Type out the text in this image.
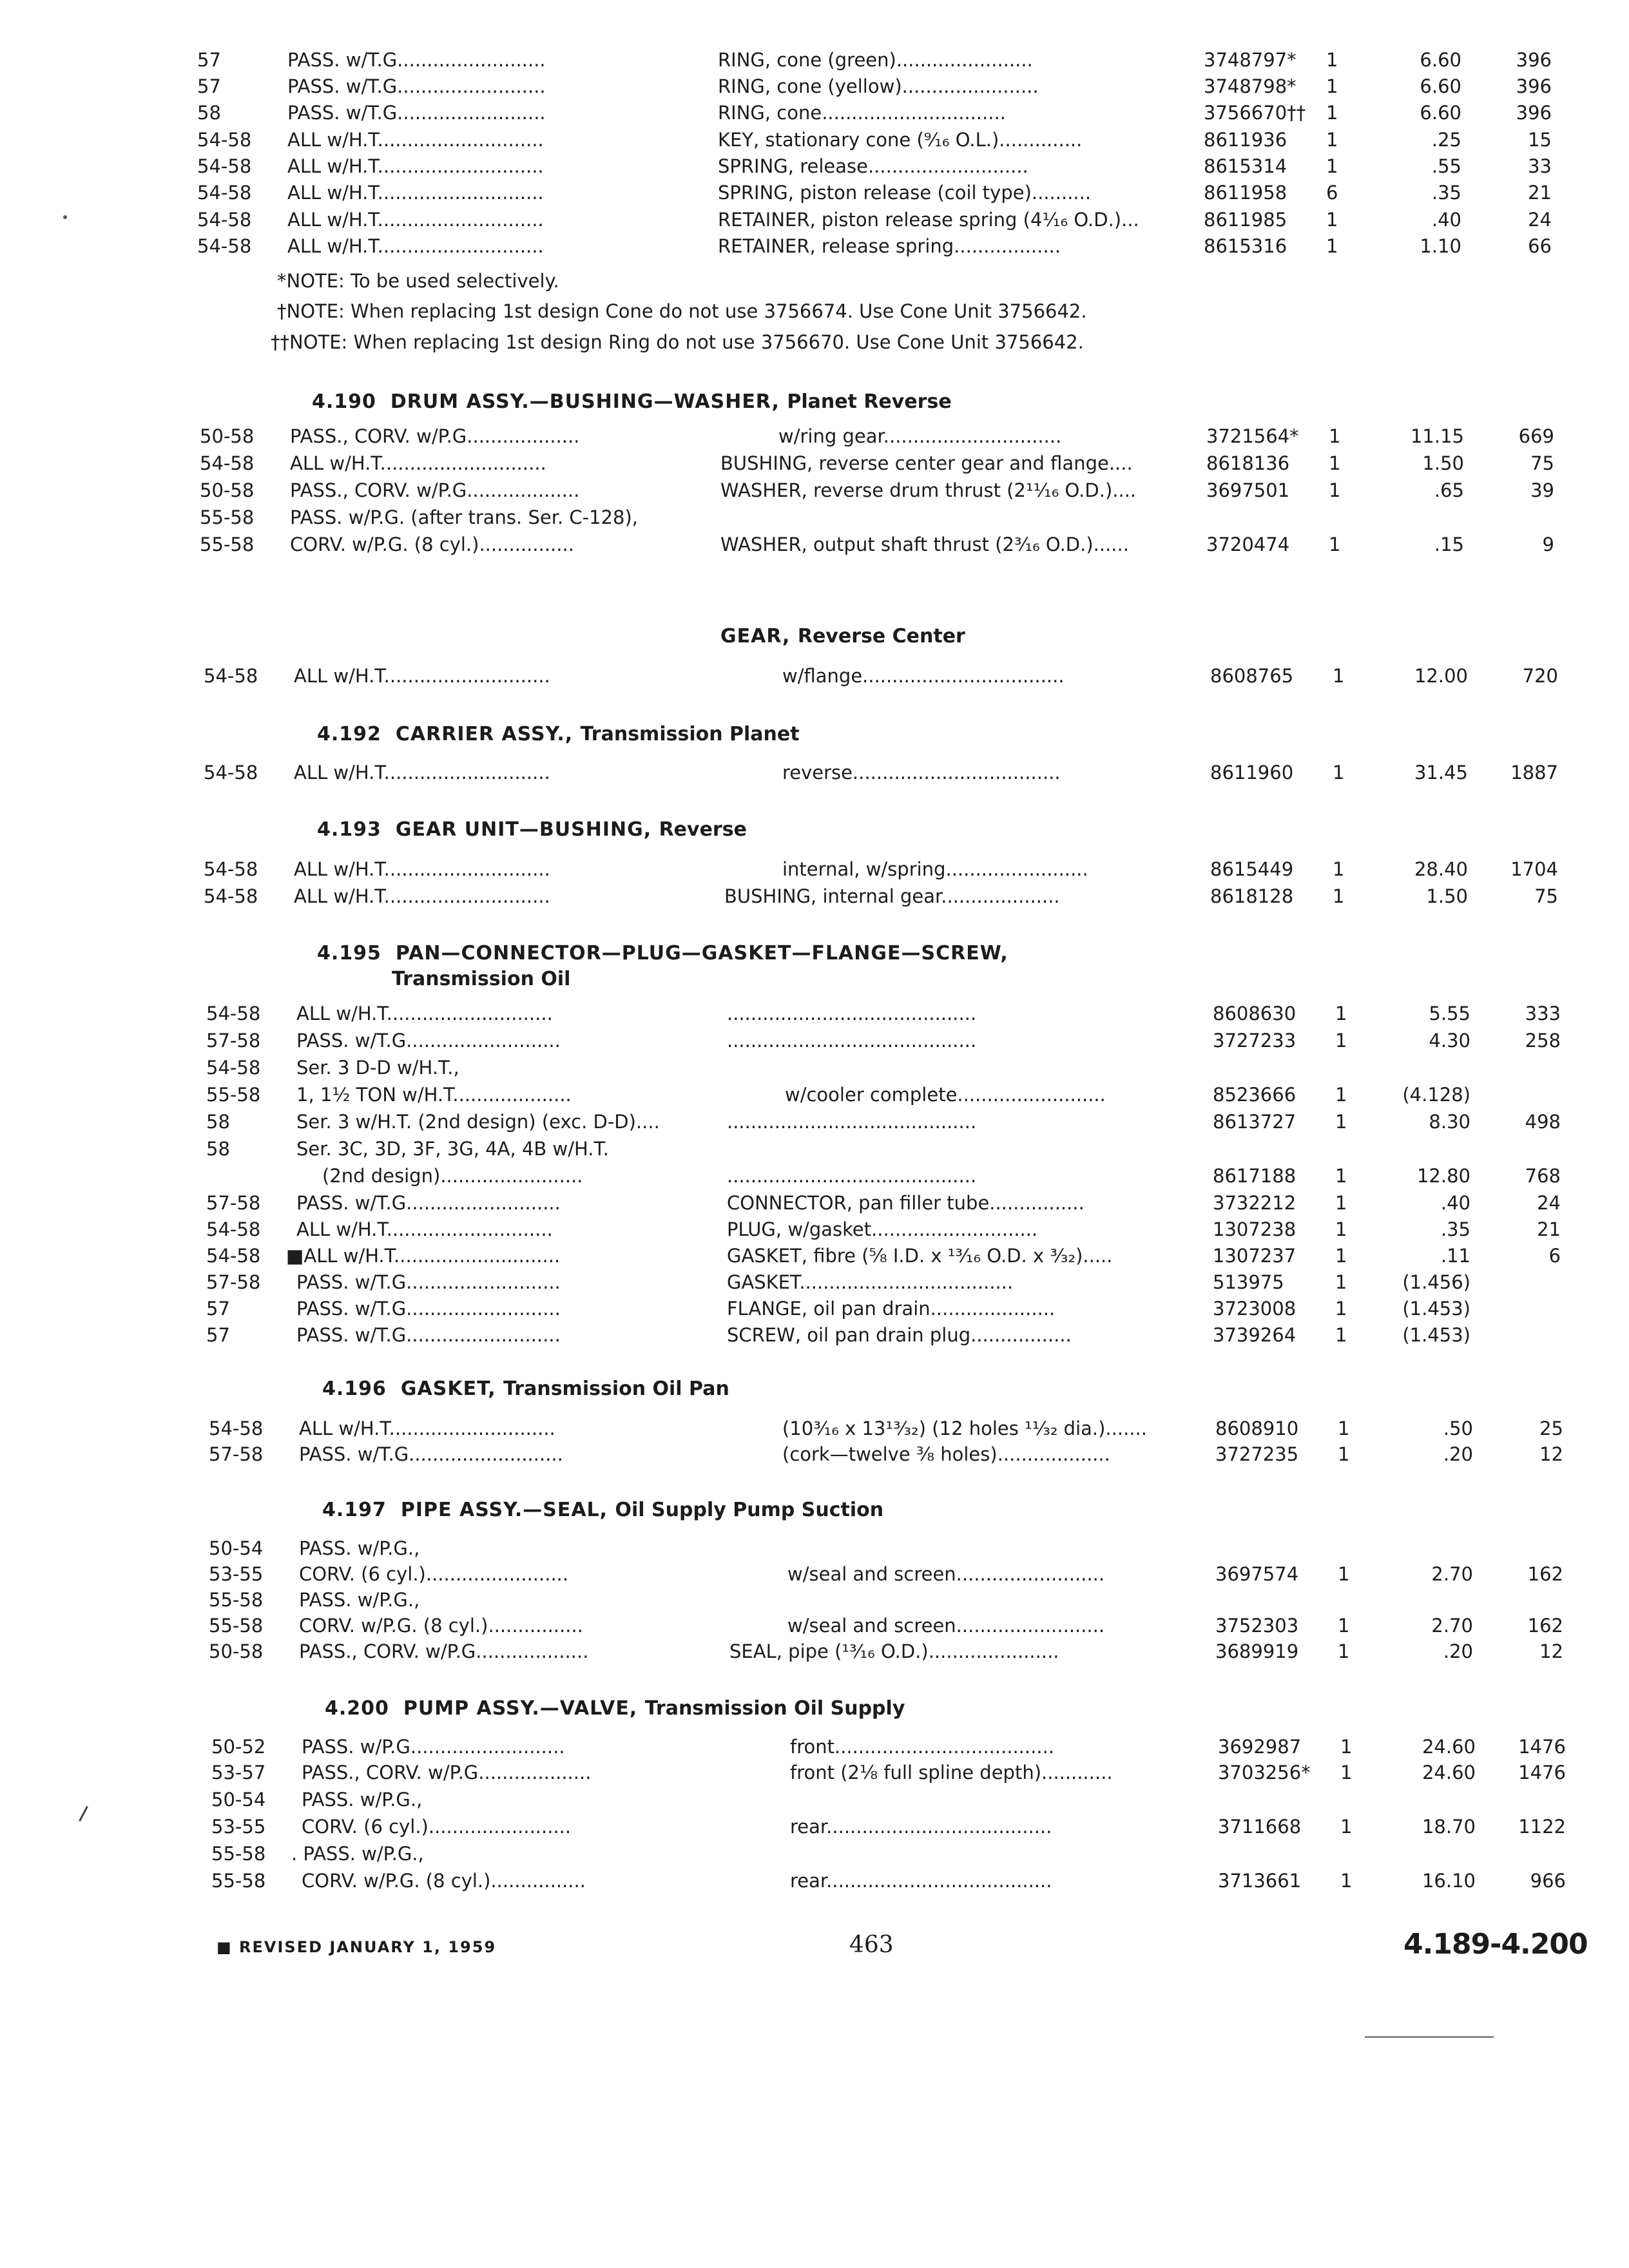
57	PASS. w/T.G.........................	RING, cone (green).......................	3748797*	1	6.60	396
57	PASS. w/T.G.........................	RING, cone (yellow).......................	3748798*	1	6.60	396
58	PASS. w/T.G.........................	RING, cone...............................	3756670††	1	6.60	396
54-58	ALL w/H.T............................	KEY, stationary cone (⁹⁄₁₆ O.L.)..............	8611936	1	.25	15
54-58	ALL w/H.T............................	SPRING, release...........................	8615314	1	.55	33
54-58	ALL w/H.T............................	SPRING, piston release (coil type)..........	8611958	6	.35	21
54-58	ALL w/H.T............................	RETAINER, piston release spring (4¹⁄₁₆ O.D.)...	8611985	1	.40	24
54-58	ALL w/H.T............................	RETAINER, release spring..................	8615316	1	1.10	66
*NOTE: To be used selectively.
†NOTE: When replacing 1st design Cone do not use 3756674. Use Cone Unit 3756642.
††NOTE: When replacing 1st design Ring do not use 3756670. Use Cone Unit 3756642.
4.190 DRUM ASSY.—BUSHING—WASHER, Planet Reverse
50-58	PASS., CORV. w/P.G...................	w/ring gear..............................	3721564*	1	11.15	669
54-58	ALL w/H.T............................	BUSHING, reverse center gear and flange....	8618136	1	1.50	75
50-58	PASS., CORV. w/P.G...................	WASHER, reverse drum thrust (2¹¹⁄₁₆ O.D.)....	3697501	1	.65	39
55-58	PASS. w/P.G. (after trans. Ser. C-128),
55-58	CORV. w/P.G. (8 cyl.)................	WASHER, output shaft thrust (2³⁄₁₆ O.D.)......	3720474	1	.15	9
GEAR, Reverse Center
54-58	ALL w/H.T............................	w/flange..................................	8608765	1	12.00	720
4.192 CARRIER ASSY., Transmission Planet
54-58	ALL w/H.T............................	reverse...................................	8611960	1	31.45	1887
4.193 GEAR UNIT—BUSHING, Reverse
54-58	ALL w/H.T............................	internal, w/spring........................	8615449	1	28.40	1704
54-58	ALL w/H.T............................	BUSHING, internal gear....................	8618128	1	1.50	75
4.195 PAN—CONNECTOR—PLUG—GASKET—FLANGE—SCREW,
Transmission Oil
54-58	ALL w/H.T............................	..........................................	8608630	1	5.55	333
57-58	PASS. w/T.G..........................	..........................................	3727233	1	4.30	258
54-58	Ser. 3 D-D w/H.T.,
55-58	1, 1½ TON w/H.T....................	w/cooler complete.........................	8523666	1	(4.128)
58	Ser. 3 w/H.T. (2nd design) (exc. D-D)....	..........................................	8613727	1	8.30	498
58	Ser. 3C, 3D, 3F, 3G, 4A, 4B w/H.T.
(2nd design)........................	..........................................	8617188	1	12.80	768
57-58	PASS. w/T.G..........................	CONNECTOR, pan filler tube................	3732212	1	.40	24
54-58	ALL w/H.T............................	PLUG, w/gasket............................	1307238	1	.35	21
54-58	■ALL w/H.T............................	GASKET, fibre (⅝ I.D. x ¹³⁄₁₆ O.D. x ³⁄₃₂).....	1307237	1	.11	6
57-58	PASS. w/T.G..........................	GASKET....................................	513975	1	(1.456)
57	PASS. w/T.G..........................	FLANGE, oil pan drain.....................	3723008	1	(1.453)
57	PASS. w/T.G..........................	SCREW, oil pan drain plug.................	3739264	1	(1.453)
4.196 GASKET, Transmission Oil Pan
54-58	ALL w/H.T............................	(10³⁄₁₆ x 13¹³⁄₃₂) (12 holes ¹¹⁄₃₂ dia.).......	8608910	1	.50	25
57-58	PASS. w/T.G..........................	(cork—twelve ⅜ holes)...................	3727235	1	.20	12
4.197 PIPE ASSY.—SEAL, Oil Supply Pump Suction
50-54	PASS. w/P.G.,
53-55	CORV. (6 cyl.)........................	w/seal and screen.........................	3697574	1	2.70	162
55-58	PASS. w/P.G.,
55-58	CORV. w/P.G. (8 cyl.)................	w/seal and screen.........................	3752303	1	2.70	162
50-58	PASS., CORV. w/P.G...................	SEAL, pipe (¹³⁄₁₆ O.D.)......................	3689919	1	.20	12
4.200 PUMP ASSY.—VALVE, Transmission Oil Supply
50-52	PASS. w/P.G..........................	front.....................................	3692987	1	24.60	1476
53-57	PASS., CORV. w/P.G...................	front (2⅛ full spline depth)............	3703256*	1	24.60	1476
50-54	PASS. w/P.G.,
53-55	CORV. (6 cyl.)........................	rear......................................	3711668	1	18.70	1122
55-58	. PASS. w/P.G.,
55-58	CORV. w/P.G. (8 cyl.)................	rear......................................	3713661	1	16.10	966
■ REVISED JANUARY 1, 1959	463	4.189-4.200
